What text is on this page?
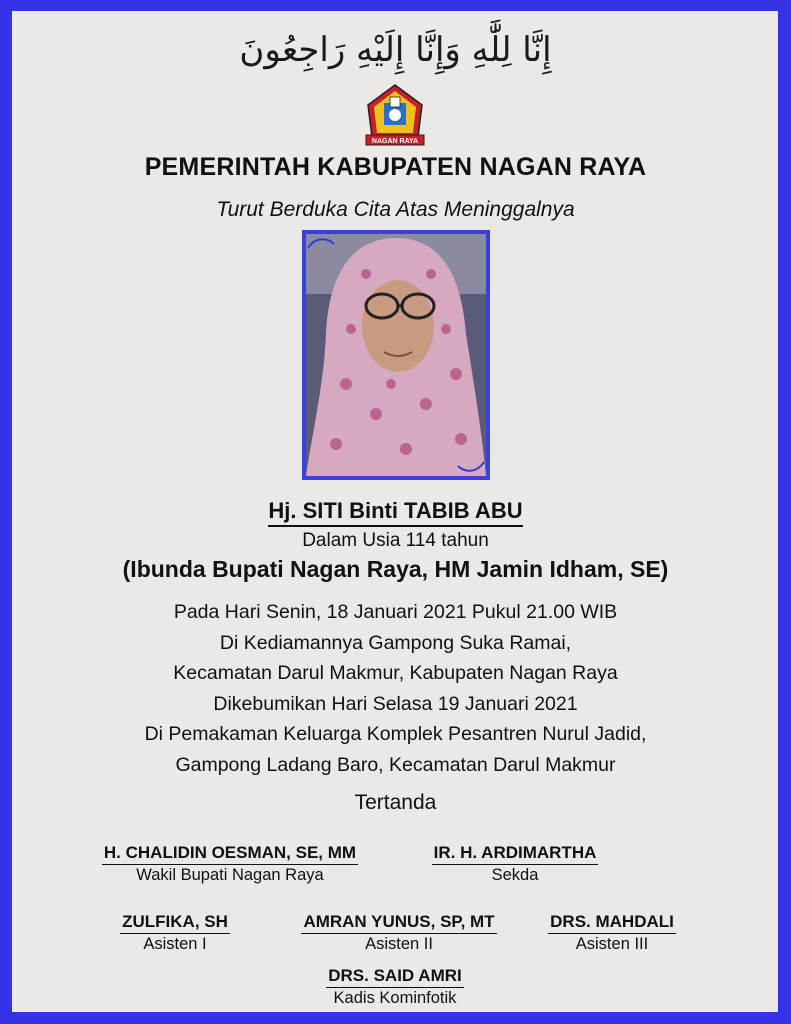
إِنَّا لِلَّٰهِ وَإِنَّا إِلَيْهِ رَاجِعُونَ
NAGAN RAYA
PEMERINTAH KABUPATEN NAGAN RAYA
Turut Berduka Cita Atas Meninggalnya
Hj. SITI Binti TABIB ABU
Dalam Usia 114 tahun
(Ibunda Bupati Nagan Raya, HM Jamin Idham, SE)
Pada Hari Senin, 18 Januari 2021 Pukul 21.00 WIB
Di Kediamannya Gampong Suka Ramai,
Kecamatan Darul Makmur, Kabupaten Nagan Raya
Dikebumikan Hari Selasa 19 Januari 2021
Di Pemakaman Keluarga Komplek Pesantren Nurul Jadid,
Gampong Ladang Baro, Kecamatan Darul Makmur
Tertanda
H. CHALIDIN OESMAN, SE, MM
Wakil Bupati Nagan Raya
IR. H. ARDIMARTHA
Sekda
ZULFIKA, SH
Asisten I
AMRAN YUNUS, SP, MT
Asisten II
DRS. MAHDALI
Asisten III
DRS. SAID AMRI
Kadis Kominfotik
